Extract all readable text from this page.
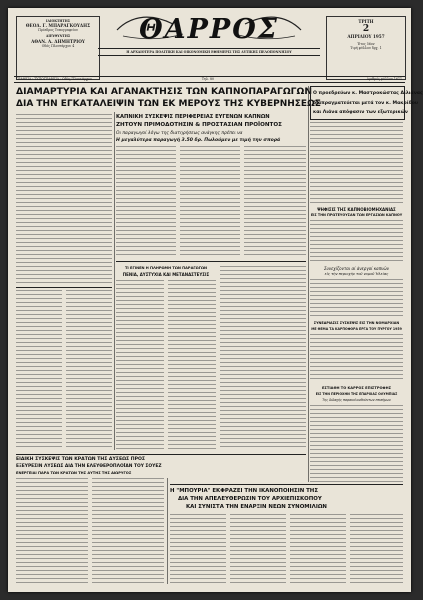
ΙΔΙΟΚΤΗΤΗΣ
ΘΕΟΔ. Γ. ΜΠΑΡΑΓΚΟΥΔΗΣ
Πρόεδρος Τυπογραφείου
ΔΙΕΥΘΥΝΤΗΣ
ΑΘΑΝ. Α. ΔΗΜΗΤΡΙΟΥ
Οδός Πλουτάρχου 4
ΘΑΡΡΟΣ
Η ΑΡΧΑΙΟΤΕΡΑ ΠΟΛΙΤΙΚΗ ΚΑΙ ΟΙΚΟΝΟΜΙΚΗ ΕΦΗΜΕΡΙΣ ΤΗΣ ΔΥΤΙΚΗΣ ΠΕΛΟΠΟΝΝΗΣΟΥ
ΤΡΙΤΗ
2
ΑΠΡΙΛΙΟΥ 1957
Έτος 56ον
Τιμή φύλλου δρχ. 1
ΓΡΑΦΕΙΑ - ΤΥΠΟΓΡΑΦΕΙΑ : Οδός Πλουτάρχου	Τηλ. 80	Αριθμός φύλλου 1611
ΔΙΑΜΑΡΤΥΡΙΑ ΚΑΙ ΑΓΑΝΑΚΤΗΣΙΣ ΤΩΝ ΚΑΠΝΟΠΑΡΑΓΩΓΩΝ
ΔΙΑ ΤΗΝ ΕΓΚΑΤΑΛΕΙΨΙΝ ΤΩΝ ΕΚ ΜΕΡΟΥΣ ΤΗΣ ΚΥΒΕΡΝΗΣΕΩΣ
Ο προεδρεύων κ. Μαστροκώστας Αιλιάνας
διαπραγματεύεται μετά τον κ. Μακρίδου
και Λιάνα απόφασιν των εξωτερικών
ΚΑΠΝΙΚΗ ΣΥΣΚΕΨΙΣ ΠΕΡΙΦΕΡΕΙΑΣ ΕΥΓΕΝΩΝ ΚΑΠΝΩΝ
ΖΗΤΟΥΝ ΠΡΙΜΟΔΟΤΗΣΙΝ & ΠΡΟΣΤΑΣΙΑΝ ΠΡΟΪΟΝΤΟΣ
Οι παραγωγοί λόγω της διατηρήσεως ανάγκης πρέπει να
Η μεγαλύτερα παραγωγή 3.50 δρ. Πωλούμεν με τιμή την σπορά
ΨΗΦΙΣΙΣ ΤΗΣ ΚΑΠΝΟΒΙΟΜΗΧΑΝΙΑΣ
ΕΙΣ ΤΗΝ ΠΡΩΤΕΥΟΥΣΑΝ ΤΩΝ ΕΡΓΑΣΙΩΝ ΚΑΠΝΟΥ
Συνεχίζονται αί ἀνεργοί καπνῶν
εἰς τὴν περιοχὴν τοῦ νομοῦ Ἠλείας
ΣΥΝΕΔΡΙΑΣΙΣ ΣΥΣΚΕΨΙΣ ΕΙΣ ΤΗΝ ΝΟΜΑΡΧΙΑΝ
ΜΕ ΘΕΜΑ ΤΑ ΚΑΡΠΟΦΟΡΑ ΕΡΓΑ ΤΟΥ ΠΥΡΓΟΥ 1959
ΕΣΤΙΑΘΗ ΤΟ ΚΑΡΡΟΣ ΕΠΙΣΤΡΟΦΗΣ
ΕΙΣ ΤΗΝ ΠΕΡΙΟΧΗΝ ΤΗΣ ΕΠΑΡΧΙΑΣ ΟΛΥΜΠΙΑΣ
Της διδαχής παρακολουθούντων επισήμων
ΤΙ ΕΓΙΝΕΝ Η ΠΛΗΡΩΜΗ ΤΩΝ ΠΑΡΑΓΩΓΩΝ
ΠΕΝΙΑ, ΔΥΣΤΥΧΙΑ ΚΑΙ ΜΕΤΑΝΑΣΤΕΥΣΙΣ
ΕΙΔΙΚΗ ΣΥΣΚΕΨΙΣ ΤΩΝ ΚΡΑΤΩΝ ΤΗΣ ΔΥΣΕΩΣ ΠΡΟΣ
ΕΞΕΥΡΕΣΙΝ ΛΥΣΕΩΣ ΔΙΑ ΤΗΝ ΕΛΕΥΘΕΡΟΠΛΟΪΑΝ ΤΟΥ ΣΟΥΕΖ
ΕΝΕΡΓΕΙΑΙ ΠΑΡΑ ΤΩΝ ΚΡΑΤΩΝ ΤΗΣ ΑΥΤΗΣ ΤΗΣ ΔΙΩΡΥΓΟΣ
Η "ΜΠΟΥΡΙΑ" ΕΚΦΡΑΖΕΙ ΤΗΝ ΙΚΑΝΟΠΟΙΗΣΙΝ ΤΗΣ
ΔΙΑ ΤΗΝ ΑΠΕΛΕΥΘΕΡΩΣΙΝ ΤΟΥ ΑΡΧΙΕΠΙΣΚΟΠΟΥ
ΚΑΙ ΣΥΝΙΣΤΑ ΤΗΝ ΕΝΑΡΞΙΝ ΝΕΩΝ ΣΥΝΟΜΙΛΙΩΝ
